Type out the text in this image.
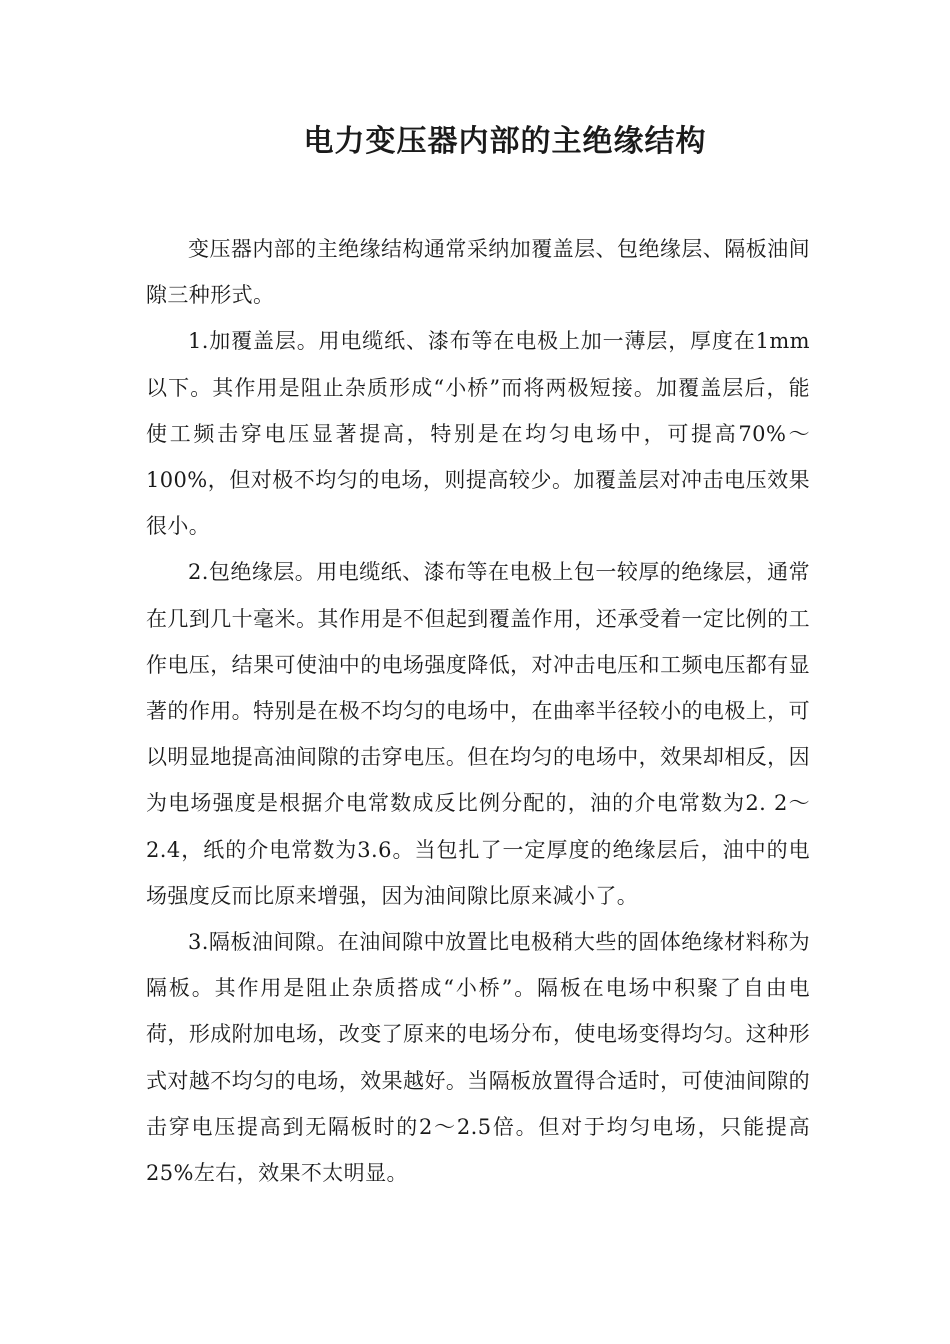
电力变压器内部的主绝缘结构

变压器内部的主绝缘结构通常采纳加覆盖层、包绝缘层、隔板油间隙三种形式。

1.加覆盖层。用电缆纸、漆布等在电极上加一薄层，厚度在1mm以下。其作用是阻止杂质形成“小桥”而将两极短接。加覆盖层后，能使工频击穿电压显著提高，特别是在均匀电场中，可提高70%～100%，但对极不均匀的电场，则提高较少。加覆盖层对冲击电压效果很小。

2.包绝缘层。用电缆纸、漆布等在电极上包一较厚的绝缘层，通常在几到几十毫米。其作用是不但起到覆盖作用，还承受着一定比例的工作电压，结果可使油中的电场强度降低，对冲击电压和工频电压都有显著的作用。特别是在极不均匀的电场中，在曲率半径较小的电极上，可以明显地提高油间隙的击穿电压。但在均匀的电场中，效果却相反，因为电场强度是根据介电常数成反比例分配的，油的介电常数为2. 2～2.4，纸的介电常数为3.6。当包扎了一定厚度的绝缘层后，油中的电场强度反而比原来增强，因为油间隙比原来减小了。

3.隔板油间隙。在油间隙中放置比电极稍大些的固体绝缘材料称为隔板。其作用是阻止杂质搭成“小桥”。隔板在电场中积聚了自由电荷，形成附加电场，改变了原来的电场分布，使电场变得均匀。这种形式对越不均匀的电场，效果越好。当隔板放置得合适时，可使油间隙的击穿电压提高到无隔板时的2～2.5倍。但对于均匀电场，只能提高25%左右，效果不太明显。
